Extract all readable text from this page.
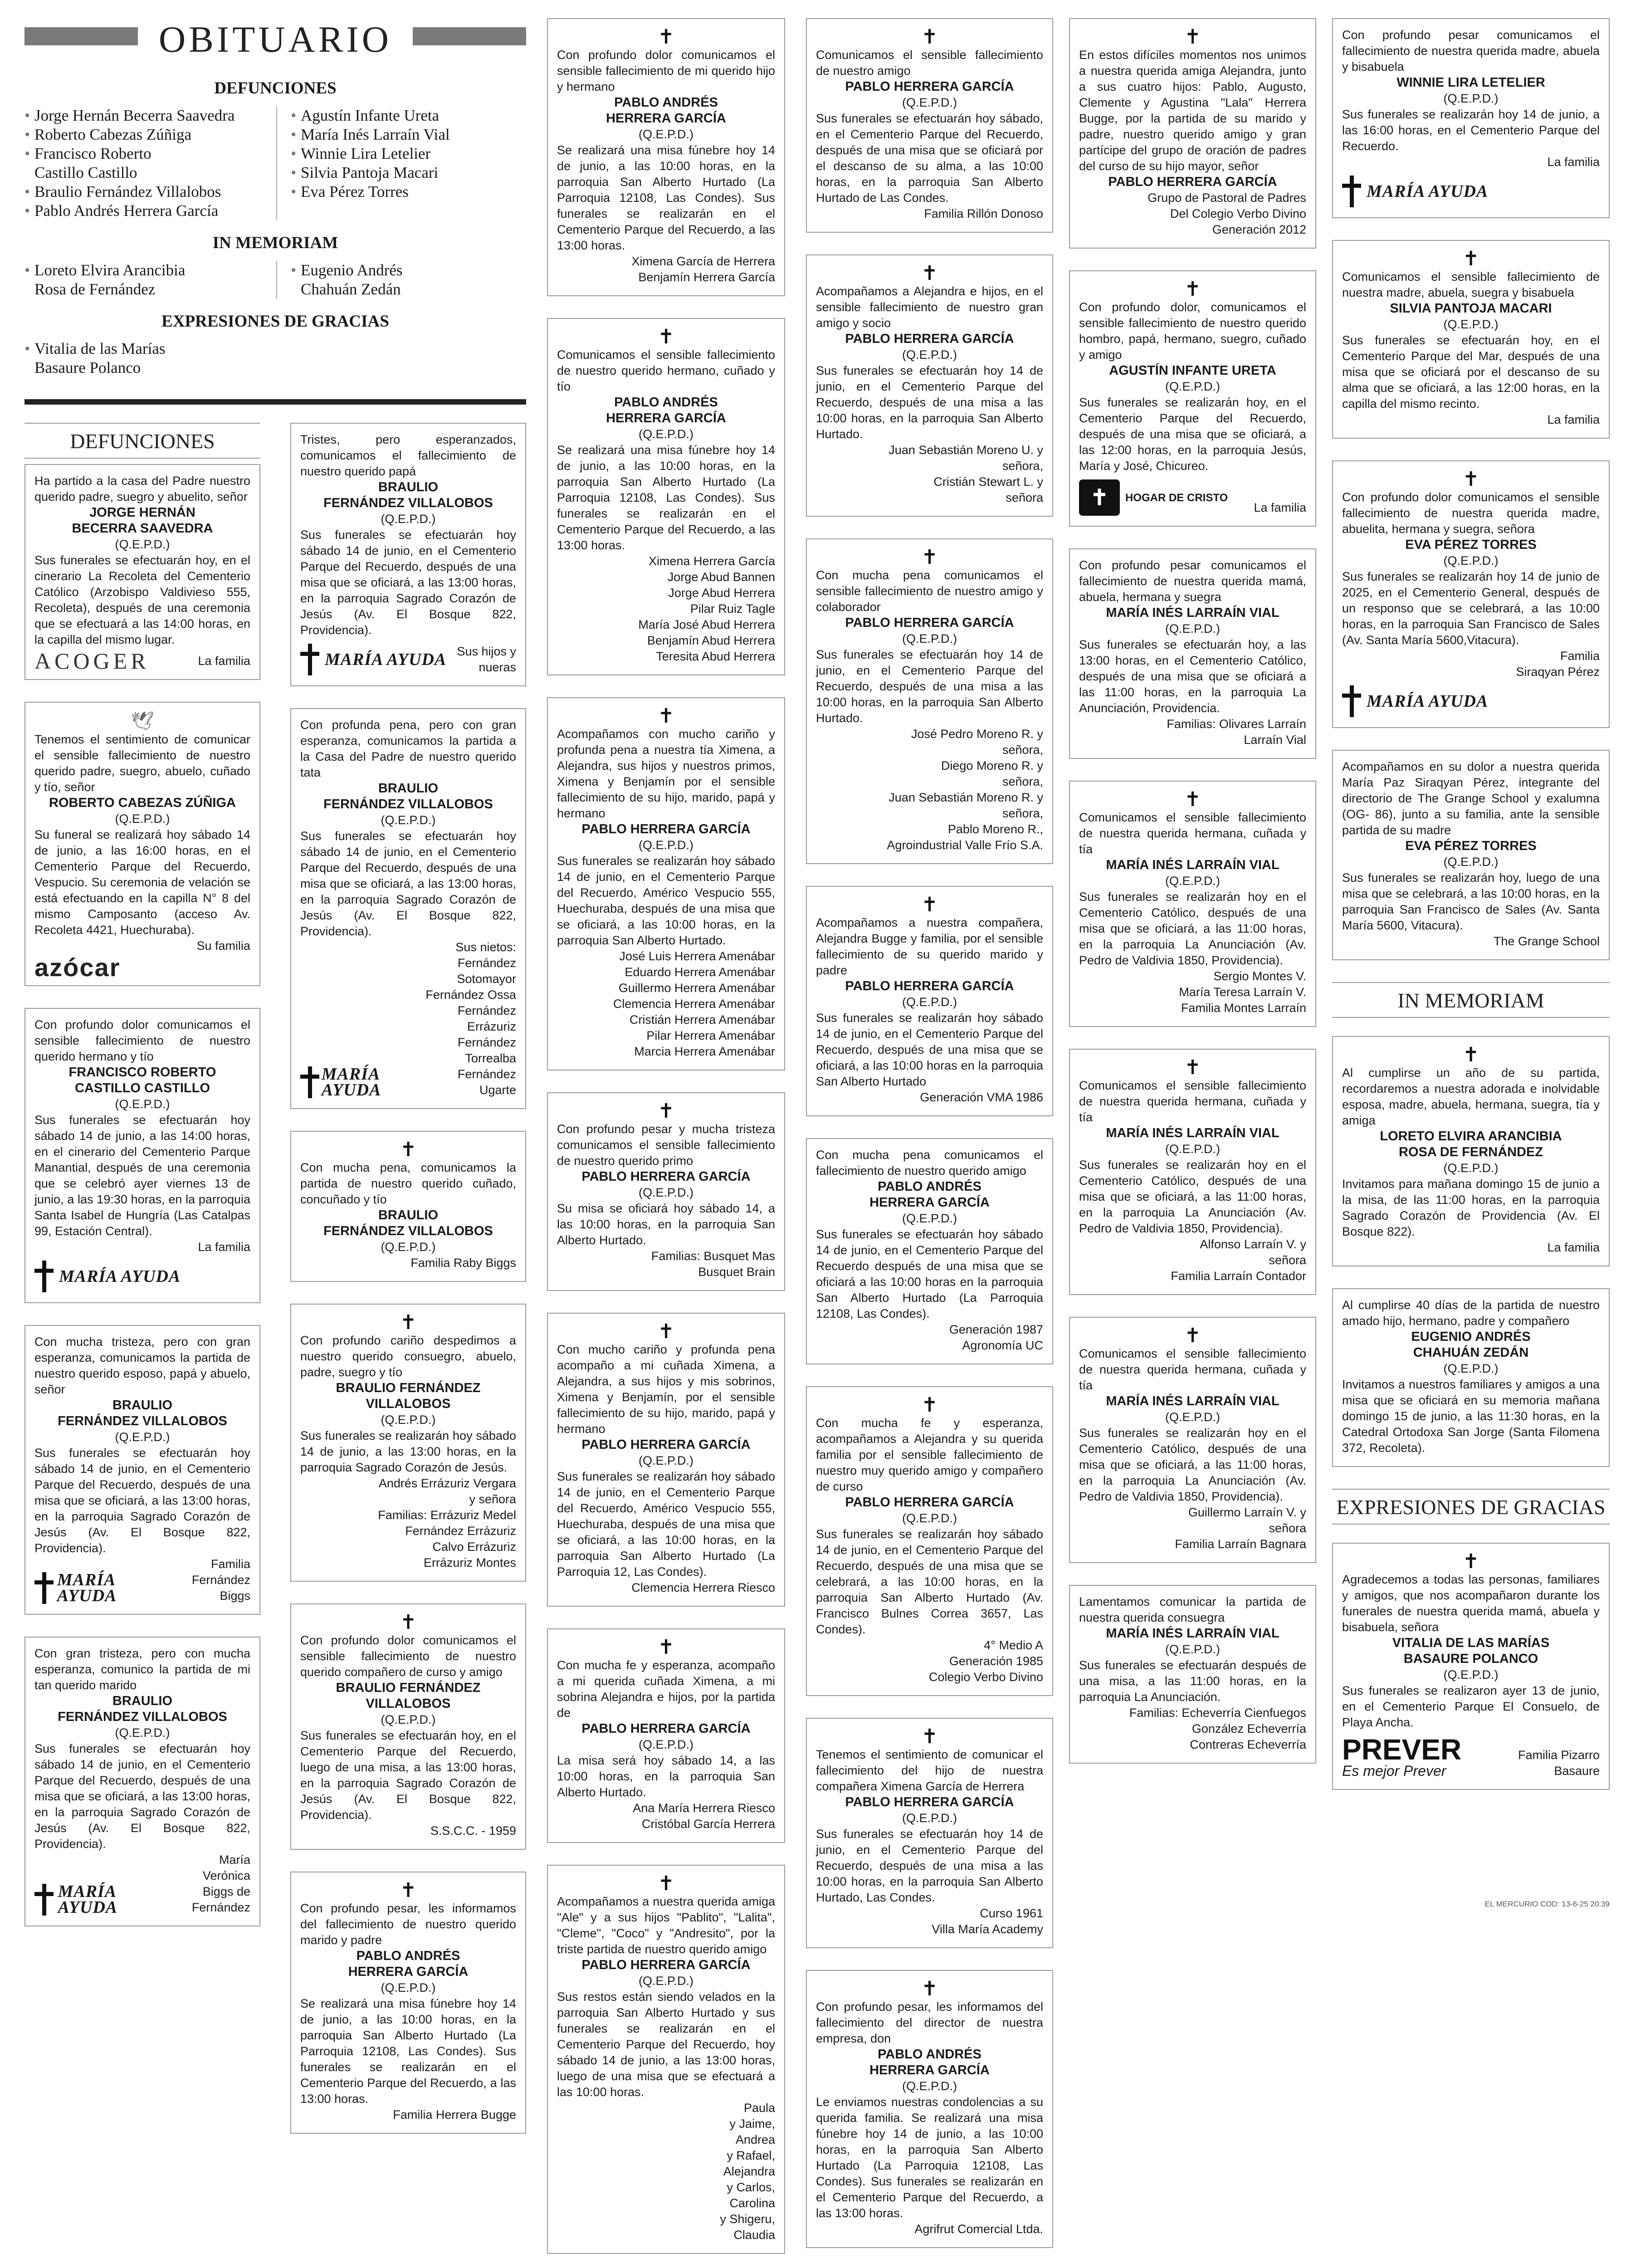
OBITUARIO
DEFUNCIONES
• Jorge Hernán Becerra Saavedra
• Roberto Cabezas Zúñiga
• Francisco Roberto
Castillo Castillo
• Braulio Fernández Villalobos
• Pablo Andrés Herrera García
• Agustín Infante Ureta
• María Inés Larraín Vial
• Winnie Lira Letelier
• Silvia Pantoja Macari
• Eva Pérez Torres
IN MEMORIAM
• Loreto Elvira Arancibia
Rosa de Fernández
• Eugenio Andrés
Chahuán Zedán
EXPRESIONES DE GRACIAS
• Vitalia de las Marías
Basaure Polanco
DEFUNCIONES
Ha partido a la casa del Padre nuestro querido padre, suegro y abuelito, señor
JORGE HERNÁN
BECERRA SAAVEDRA
(Q.E.P.D.)
Sus funerales se efectuarán hoy, en el cinerario La Recoleta del Cementerio Católico (Arzobispo Valdivieso 555, Recoleta), después de una ceremonia que se efectuará a las 14:00 horas, en la capilla del mismo lugar.
ACOGER	La familia
🕊
Tenemos el sentimiento de comunicar el sensible fallecimiento de nuestro querido padre, suegro, abuelo, cuñado y tío, señor
ROBERTO CABEZAS ZÚÑIGA
(Q.E.P.D.)
Su funeral se realizará hoy sábado 14 de junio, a las 16:00 horas, en el Cementerio Parque del Recuerdo, Vespucio. Su ceremonia de velación se está efectuando en la capilla N° 8 del mismo Camposanto (acceso Av. Recoleta 4421, Huechuraba).
Su familia
azócar
Con profundo dolor comunicamos el sensible fallecimiento de nuestro querido hermano y tío
FRANCISCO ROBERTO
CASTILLO CASTILLO
(Q.E.P.D.)
Sus funerales se efectuarán hoy sábado 14 de junio, a las 14:00 horas, en el cinerario del Cementerio Parque Manantial, después de una ceremonia que se celebró ayer viernes 13 de junio, a las 19:30 horas, en la parroquia Santa Isabel de Hungría (Las Catalpas 99, Estación Central).
La familia
MARÍA AYUDA
Con mucha tristeza, pero con gran esperanza, comunicamos la partida de nuestro querido esposo, papá y abuelo, señor
BRAULIO
FERNÁNDEZ VILLALOBOS
(Q.E.P.D.)
Sus funerales se efectuarán hoy sábado 14 de junio, en el Cementerio Parque del Recuerdo, después de una misa que se oficiará, a las 13:00 horas, en la parroquia Sagrado Corazón de Jesús (Av. El Bosque 822, Providencia).
MARÍA AYUDA
Familia
Fernández Biggs
Con gran tristeza, pero con mucha esperanza, comunico la partida de mi tan querido marido
BRAULIO
FERNÁNDEZ VILLALOBOS
(Q.E.P.D.)
Sus funerales se efectuarán hoy sábado 14 de junio, en el Cementerio Parque del Recuerdo, después de una misa que se oficiará, a las 13:00 horas, en la parroquia Sagrado Corazón de Jesús (Av. El Bosque 822, Providencia).
MARÍA AYUDA
María Verónica
Biggs de
Fernández
Tristes, pero esperanzados, comunicamos el fallecimiento de nuestro querido papá
BRAULIO
FERNÁNDEZ VILLALOBOS
(Q.E.P.D.)
Sus funerales se efectuarán hoy sábado 14 de junio, en el Cementerio Parque del Recuerdo, después de una misa que se oficiará, a las 13:00 horas, en la parroquia Sagrado Corazón de Jesús (Av. El Bosque 822, Providencia).
MARÍA AYUDA Sus hijos y
nueras
Con profunda pena, pero con gran esperanza, comunicamos la partida a la Casa del Padre de nuestro querido tata
BRAULIO
FERNÁNDEZ VILLALOBOS
(Q.E.P.D.)
Sus funerales se efectuarán hoy sábado 14 de junio, en el Cementerio Parque del Recuerdo, después de una misa que se oficiará, a las 13:00 horas, en la parroquia Sagrado Corazón de Jesús (Av. El Bosque 822, Providencia).
MARÍA AYUDA
Sus nietos:
Fernández
Sotomayor
Fernández Ossa
Fernández Errázuriz
Fernández Torrealba
Fernández Ugarte
✝
Con mucha pena, comunicamos la partida de nuestro querido cuñado, concuñado y tío
BRAULIO
FERNÁNDEZ VILLALOBOS
(Q.E.P.D.)
Familia Raby Biggs
✝
Con profundo cariño despedimos a nuestro querido consuegro, abuelo, padre, suegro y tío
BRAULIO FERNÁNDEZ VILLALOBOS
(Q.E.P.D.)
Sus funerales se realizarán hoy sábado 14 de junio, a las 13:00 horas, en la parroquia Sagrado Corazón de Jesús.
Andrés Errázuriz Vergara
y señora
Familias: Errázuriz Medel
Fernández Errázuriz
Calvo Errázuriz
Errázuriz Montes
✝
Con profundo dolor comunicamos el sensible fallecimiento de nuestro querido compañero de curso y amigo
BRAULIO FERNÁNDEZ VILLALOBOS
(Q.E.P.D.)
Sus funerales se efectuarán hoy, en el Cementerio Parque del Recuerdo, luego de una misa, a las 13:00 horas, en la parroquia Sagrado Corazón de Jesús (Av. El Bosque 822, Providencia).
S.S.C.C. - 1959
✝
Con profundo pesar, les informamos del fallecimiento de nuestro querido marido y padre
PABLO ANDRÉS
HERRERA GARCÍA
(Q.E.P.D.)
Se realizará una misa fúnebre hoy 14 de junio, a las 10:00 horas, en la parroquia San Alberto Hurtado (La Parroquia 12108, Las Condes). Sus funerales se realizarán en el Cementerio Parque del Recuerdo, a las 13:00 horas.
Familia Herrera Bugge
✝
Con profundo dolor comunicamos el sensible fallecimiento de mi querido hijo y hermano
PABLO ANDRÉS
HERRERA GARCÍA
(Q.E.P.D.)
Se realizará una misa fúnebre hoy 14 de junio, a las 10:00 horas, en la parroquia San Alberto Hurtado (La Parroquia 12108, Las Condes). Sus funerales se realizarán en el Cementerio Parque del Recuerdo, a las 13:00 horas.
Ximena García de Herrera
Benjamín Herrera García
✝
Comunicamos el sensible fallecimiento de nuestro querido hermano, cuñado y tío
PABLO ANDRÉS
HERRERA GARCÍA
(Q.E.P.D.)
Se realizará una misa fúnebre hoy 14 de junio, a las 10:00 horas, en la parroquia San Alberto Hurtado (La Parroquia 12108, Las Condes). Sus funerales se realizarán en el Cementerio Parque del Recuerdo, a las 13:00 horas.
Ximena Herrera García
Jorge Abud Bannen
Jorge Abud Herrera
Pilar Ruiz Tagle
María José Abud Herrera
Benjamín Abud Herrera
Teresita Abud Herrera
✝
Acompañamos con mucho cariño y profunda pena a nuestra tía Ximena, a Alejandra, sus hijos y nuestros primos, Ximena y Benjamín por el sensible fallecimiento de su hijo, marido, papá y hermano
PABLO HERRERA GARCÍA
(Q.E.P.D.)
Sus funerales se realizarán hoy sábado 14 de junio, en el Cementerio Parque del Recuerdo, Américo Vespucio 555, Huechuraba, después de una misa que se oficiará, a las 10:00 horas, en la parroquia San Alberto Hurtado.
José Luis Herrera Amenábar
Eduardo Herrera Amenábar
Guillermo Herrera Amenábar
Clemencia Herrera Amenábar
Cristián Herrera Amenábar
Pilar Herrera Amenábar
Marcia Herrera Amenábar
✝
Con profundo pesar y mucha tristeza comunicamos el sensible fallecimiento de nuestro querido primo
PABLO HERRERA GARCÍA
(Q.E.P.D.)
Su misa se oficiará hoy sábado 14, a las 10:00 horas, en la parroquia San Alberto Hurtado.
Familias: Busquet Mas
Busquet Brain
✝
Con mucho cariño y profunda pena acompaño a mi cuñada Ximena, a Alejandra, a sus hijos y mis sobrinos, Ximena y Benjamín, por el sensible fallecimiento de su hijo, marido, papá y hermano
PABLO HERRERA GARCÍA
(Q.E.P.D.)
Sus funerales se realizarán hoy sábado 14 de junio, en el Cementerio Parque del Recuerdo, Américo Vespucio 555, Huechuraba, después de una misa que se oficiará, a las 10:00 horas, en la parroquia San Alberto Hurtado (La Parroquia 12, Las Condes).
Clemencia Herrera Riesco
✝
Con mucha fe y esperanza, acompaño a mi querida cuñada Ximena, a mi sobrina Alejandra e hijos, por la partida de
PABLO HERRERA GARCÍA
(Q.E.P.D.)
La misa será hoy sábado 14, a las 10:00 horas, en la parroquia San Alberto Hurtado.
Ana María Herrera Riesco
Cristóbal García Herrera
✝
Acompañamos a nuestra querida amiga "Ale" y a sus hijos "Pablito", "Lalita", "Cleme", "Coco" y "Andresito", por la triste partida de nuestro querido amigo
PABLO HERRERA GARCÍA
(Q.E.P.D.)
Sus restos están siendo velados en la parroquia San Alberto Hurtado y sus funerales se realizarán en el Cementerio Parque del Recuerdo, hoy sábado 14 de junio, a las 13:00 horas, luego de una misa que se efectuará a las 10:00 horas.
Paula
y Jaime,
Andrea
y Rafael,
Alejandra
y Carlos,
Carolina
y Shigeru,
Claudia
✝
Comunicamos el sensible fallecimiento de nuestro amigo
PABLO HERRERA GARCÍA
(Q.E.P.D.)
Sus funerales se efectuarán hoy sábado, en el Cementerio Parque del Recuerdo, después de una misa que se oficiará por el descanso de su alma, a las 10:00 horas, en la parroquia San Alberto Hurtado de Las Condes.
Familia Rillón Donoso
✝
Acompañamos a Alejandra e hijos, en el sensible fallecimiento de nuestro gran amigo y socio
PABLO HERRERA GARCÍA
(Q.E.P.D.)
Sus funerales se efectuarán hoy 14 de junio, en el Cementerio Parque del Recuerdo, después de una misa a las 10:00 horas, en la parroquia San Alberto Hurtado.
Juan Sebastián Moreno U. y
señora,
Cristián Stewart L. y
señora
✝
Con mucha pena comunicamos el sensible fallecimiento de nuestro amigo y colaborador
PABLO HERRERA GARCÍA
(Q.E.P.D.)
Sus funerales se efectuarán hoy 14 de junio, en el Cementerio Parque del Recuerdo, después de una misa a las 10:00 horas, en la parroquia San Alberto Hurtado.
José Pedro Moreno R. y
señora,
Diego Moreno R. y
señora,
Juan Sebastián Moreno R. y
señora,
Pablo Moreno R.,
Agroindustrial Valle Frío S.A.
✝
Acompañamos a nuestra compañera, Alejandra Bugge y familia, por el sensible fallecimiento de su querido marido y padre
PABLO HERRERA GARCÍA
(Q.E.P.D.)
Sus funerales se realizarán hoy sábado 14 de junio, en el Cementerio Parque del Recuerdo, después de una misa que se oficiará, a las 10:00 horas en la parroquia San Alberto Hurtado
Generación VMA 1986
Con mucha pena comunicamos el fallecimiento de nuestro querido amigo
PABLO ANDRÉS
HERRERA GARCÍA
(Q.E.P.D.)
Sus funerales se efectuarán hoy sábado 14 de junio, en el Cementerio Parque del Recuerdo después de una misa que se oficiará a las 10:00 horas en la parroquia San Alberto Hurtado (La Parroquia 12108, Las Condes).
Generación 1987
Agronomía UC
✝
Con mucha fe y esperanza, acompañamos a Alejandra y su querida familia por el sensible fallecimiento de nuestro muy querido amigo y compañero de curso
PABLO HERRERA GARCÍA
(Q.E.P.D.)
Sus funerales se realizarán hoy sábado 14 de junio, en el Cementerio Parque del Recuerdo, después de una misa que se celebrará, a las 10:00 horas, en la parroquia San Alberto Hurtado (Av. Francisco Bulnes Correa 3657, Las Condes).
4° Medio A
Generación 1985
Colegio Verbo Divino
✝
Tenemos el sentimiento de comunicar el fallecimiento del hijo de nuestra compañera Ximena García de Herrera
PABLO HERRERA GARCÍA
(Q.E.P.D.)
Sus funerales se efectuarán hoy 14 de junio, en el Cementerio Parque del Recuerdo, después de una misa a las 10:00 horas, en la parroquia San Alberto Hurtado, Las Condes.
Curso 1961
Villa María Academy
✝
Con profundo pesar, les informamos del fallecimiento del director de nuestra empresa, don
PABLO ANDRÉS
HERRERA GARCÍA
(Q.E.P.D.)
Le enviamos nuestras condolencias a su querida familia. Se realizará una misa fúnebre hoy 14 de junio, a las 10:00 horas, en la parroquia San Alberto Hurtado (La Parroquia 12108, Las Condes). Sus funerales se realizarán en el Cementerio Parque del Recuerdo, a las 13:00 horas.
Agrifrut Comercial Ltda.
✝
En estos difíciles momentos nos unimos a nuestra querida amiga Alejandra, junto a sus cuatro hijos: Pablo, Augusto, Clemente y Agustina "Lala" Herrera Bugge, por la partida de su marido y padre, nuestro querido amigo y gran partícipe del grupo de oración de padres del curso de su hijo mayor, señor
PABLO HERRERA GARCÍA
Grupo de Pastoral de Padres
Del Colegio Verbo Divino
Generación 2012
✝
Con profundo dolor, comunicamos el sensible fallecimiento de nuestro querido hombro, papá, hermano, suegro, cuñado y amigo
AGUSTÍN INFANTE URETA
(Q.E.P.D.)
Sus funerales se realizarán hoy, en el Cementerio Parque del Recuerdo, después de una misa que se oficiará, a las 12:00 horas, en la parroquia Jesús, María y José, Chicureo.
✝	HOGAR DE CRISTO
La familia
Con profundo pesar comunicamos el fallecimiento de nuestra querida mamá, abuela, hermana y suegra
MARÍA INÉS LARRAÍN VIAL
(Q.E.P.D.)
Sus funerales se efectuarán hoy, a las 13:00 horas, en el Cementerio Católico, después de una misa que se oficiará a las 11:00 horas, en la parroquia La Anunciación, Providencia.
Familias: Olivares Larraín
Larraín Vial
✝
Comunicamos el sensible fallecimiento de nuestra querida hermana, cuñada y tía
MARÍA INÉS LARRAÍN VIAL
(Q.E.P.D.)
Sus funerales se realizarán hoy en el Cementerio Católico, después de una misa que se oficiará, a las 11:00 horas, en la parroquia La Anunciación (Av. Pedro de Valdivia 1850, Providencia).
Sergio Montes V.
María Teresa Larraín V.
Familia Montes Larraín
✝
Comunicamos el sensible fallecimiento de nuestra querida hermana, cuñada y tía
MARÍA INÉS LARRAÍN VIAL
(Q.E.P.D.)
Sus funerales se realizarán hoy en el Cementerio Católico, después de una misa que se oficiará, a las 11:00 horas, en la parroquia La Anunciación (Av. Pedro de Valdivia 1850, Providencia).
Alfonso Larraín V. y
señora
Familia Larraín Contador
✝
Comunicamos el sensible fallecimiento de nuestra querida hermana, cuñada y tía
MARÍA INÉS LARRAÍN VIAL
(Q.E.P.D.)
Sus funerales se realizarán hoy en el Cementerio Católico, después de una misa que se oficiará, a las 11:00 horas, en la parroquia La Anunciación (Av. Pedro de Valdivia 1850, Providencia).
Guillermo Larraín V. y
señora
Familia Larraín Bagnara
Lamentamos comunicar la partida de nuestra querida consuegra
MARÍA INÉS LARRAÍN VIAL
(Q.E.P.D.)
Sus funerales se efectuarán después de una misa, a las 11:00 horas, en la parroquia La Anunciación.
Familias: Echeverría Cienfuegos
González Echeverría
Contreras Echeverría
Con profundo pesar comunicamos el fallecimiento de nuestra querida madre, abuela y bisabuela
WINNIE LIRA LETELIER
(Q.E.P.D.)
Sus funerales se realizarán hoy 14 de junio, a las 16:00 horas, en el Cementerio Parque del Recuerdo.
La familia
MARÍA AYUDA
✝
Comunicamos el sensible fallecimiento de nuestra madre, abuela, suegra y bisabuela
SILVIA PANTOJA MACARI
(Q.E.P.D.)
Sus funerales se efectuarán hoy, en el Cementerio Parque del Mar, después de una misa que se oficiará por el descanso de su alma que se oficiará, a las 12:00 horas, en la capilla del mismo recinto.
La familia
✝
Con profundo dolor comunicamos el sensible fallecimiento de nuestra querida madre, abuelita, hermana y suegra, señora
EVA PÉREZ TORRES
(Q.E.P.D.)
Sus funerales se realizarán hoy 14 de junio de 2025, en el Cementerio General, después de un responso que se celebrará, a las 10:00 horas, en la parroquia San Francisco de Sales (Av. Santa María 5600,Vitacura).
Familia
Siraqyan Pérez
MARÍA AYUDA
Acompañamos en su dolor a nuestra querida María Paz Siraqyan Pérez, integrante del directorio de The Grange School y exalumna (OG- 86), junto a su familia, ante la sensible partida de su madre
EVA PÉREZ TORRES
(Q.E.P.D.)
Sus funerales se realizarán hoy, luego de una misa que se celebrará, a las 10:00 horas, en la parroquia San Francisco de Sales (Av. Santa María 5600, Vitacura).
The Grange School
IN MEMORIAM
✝
Al cumplirse un año de su partida, recordaremos a nuestra adorada e inolvidable esposa, madre, abuela, hermana, suegra, tía y amiga
LORETO ELVIRA ARANCIBIA
ROSA DE FERNÁNDEZ
(Q.E.P.D.)
Invitamos para mañana domingo 15 de junio a la misa, de las 11:00 horas, en la parroquia Sagrado Corazón de Providencia (Av. El Bosque 822).
La familia
Al cumplirse 40 días de la partida de nuestro amado hijo, hermano, padre y compañero
EUGENIO ANDRÉS
CHAHUÁN ZEDÁN
(Q.E.P.D.)
Invitamos a nuestros familiares y amigos a una misa que se oficiará en su memoria mañana domingo 15 de junio, a las 11:30 horas, en la Catedral Ortodoxa San Jorge (Santa Filomena 372, Recoleta).
EXPRESIONES DE GRACIAS
✝
Agradecemos a todas las personas, familiares y amigos, que nos acompañaron durante los funerales de nuestra querida mamá, abuela y bisabuela, señora
VITALIA DE LAS MARÍAS
BASAURE POLANCO
(Q.E.P.D.)
Sus funerales se realizaron ayer 13 de junio, en el Cementerio Parque El Consuelo, de Playa Ancha.
PREVER
Es mejor Prever
Familia Pizarro
Basaure
EL MERCURIO COD: 13-6-25 20:39
